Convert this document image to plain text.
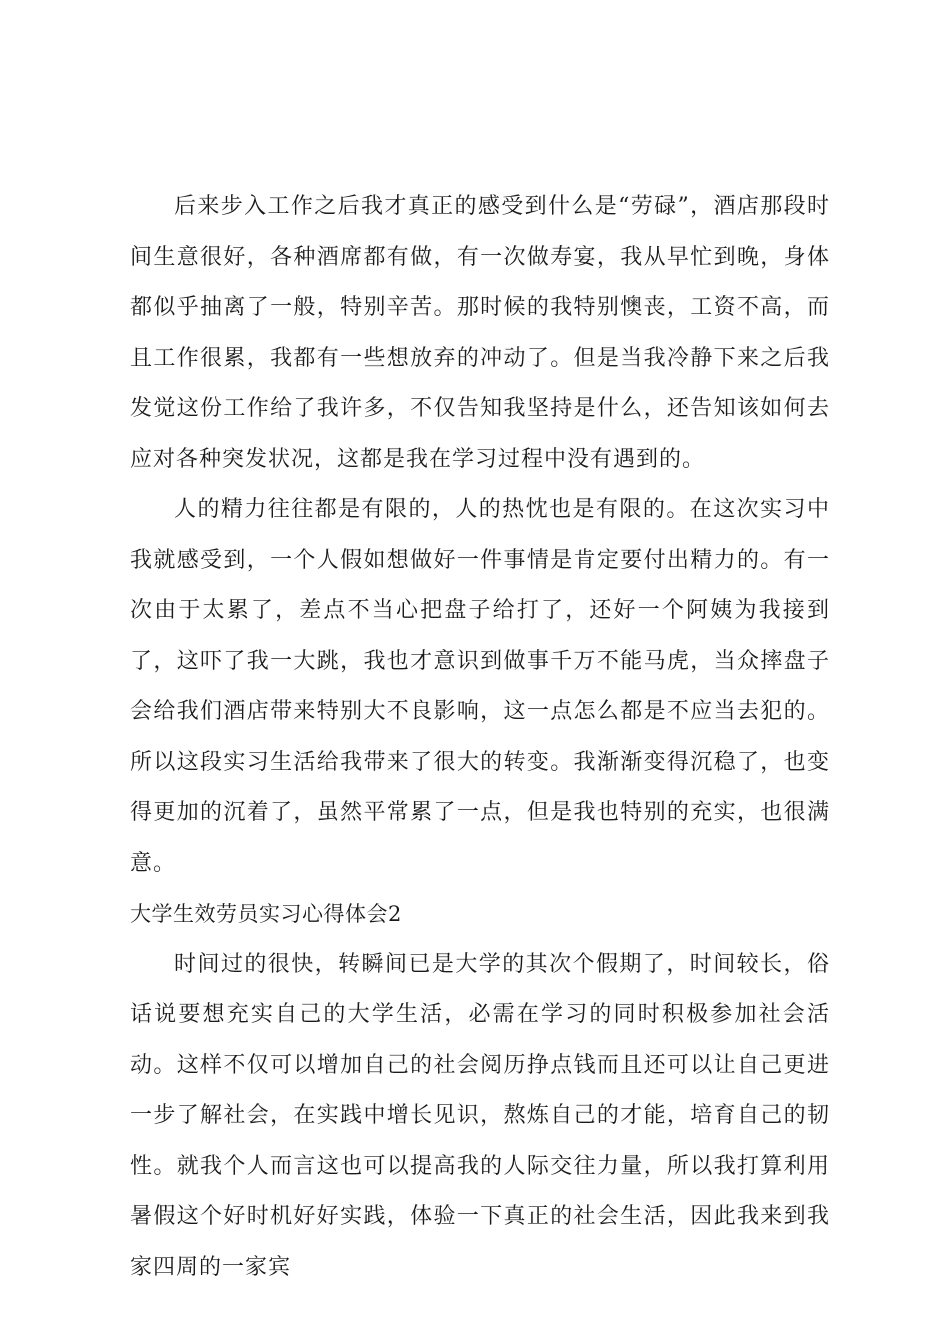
后来步入工作之后我才真正的感受到什么是“劳碌”，酒店那段时间生意很好，各种酒席都有做，有一次做寿宴，我从早忙到晚，身体都似乎抽离了一般，特别辛苦。那时候的我特别懊丧，工资不高，而且工作很累，我都有一些想放弃的冲动了。但是当我冷静下来之后我发觉这份工作给了我许多，不仅告知我坚持是什么，还告知该如何去应对各种突发状况，这都是我在学习过程中没有遇到的。

人的精力往往都是有限的，人的热忱也是有限的。在这次实习中我就感受到，一个人假如想做好一件事情是肯定要付出精力的。有一次由于太累了，差点不当心把盘子给打了，还好一个阿姨为我接到了，这吓了我一大跳，我也才意识到做事千万不能马虎，当众摔盘子会给我们酒店带来特别大不良影响，这一点怎么都是不应当去犯的。所以这段实习生活给我带来了很大的转变。我渐渐变得沉稳了，也变得更加的沉着了，虽然平常累了一点，但是我也特别的充实，也很满意。

大学生效劳员实习心得体会2

时间过的很快，转瞬间已是大学的其次个假期了，时间较长，俗话说要想充实自己的大学生活，必需在学习的同时积极参加社会活动。这样不仅可以增加自己的社会阅历挣点钱而且还可以让自己更进一步了解社会，在实践中增长见识，熬炼自己的才能，培育自己的韧性。就我个人而言这也可以提高我的人际交往力量，所以我打算利用暑假这个好时机好好实践，体验一下真正的社会生活，因此我来到我家四周的一家宾
